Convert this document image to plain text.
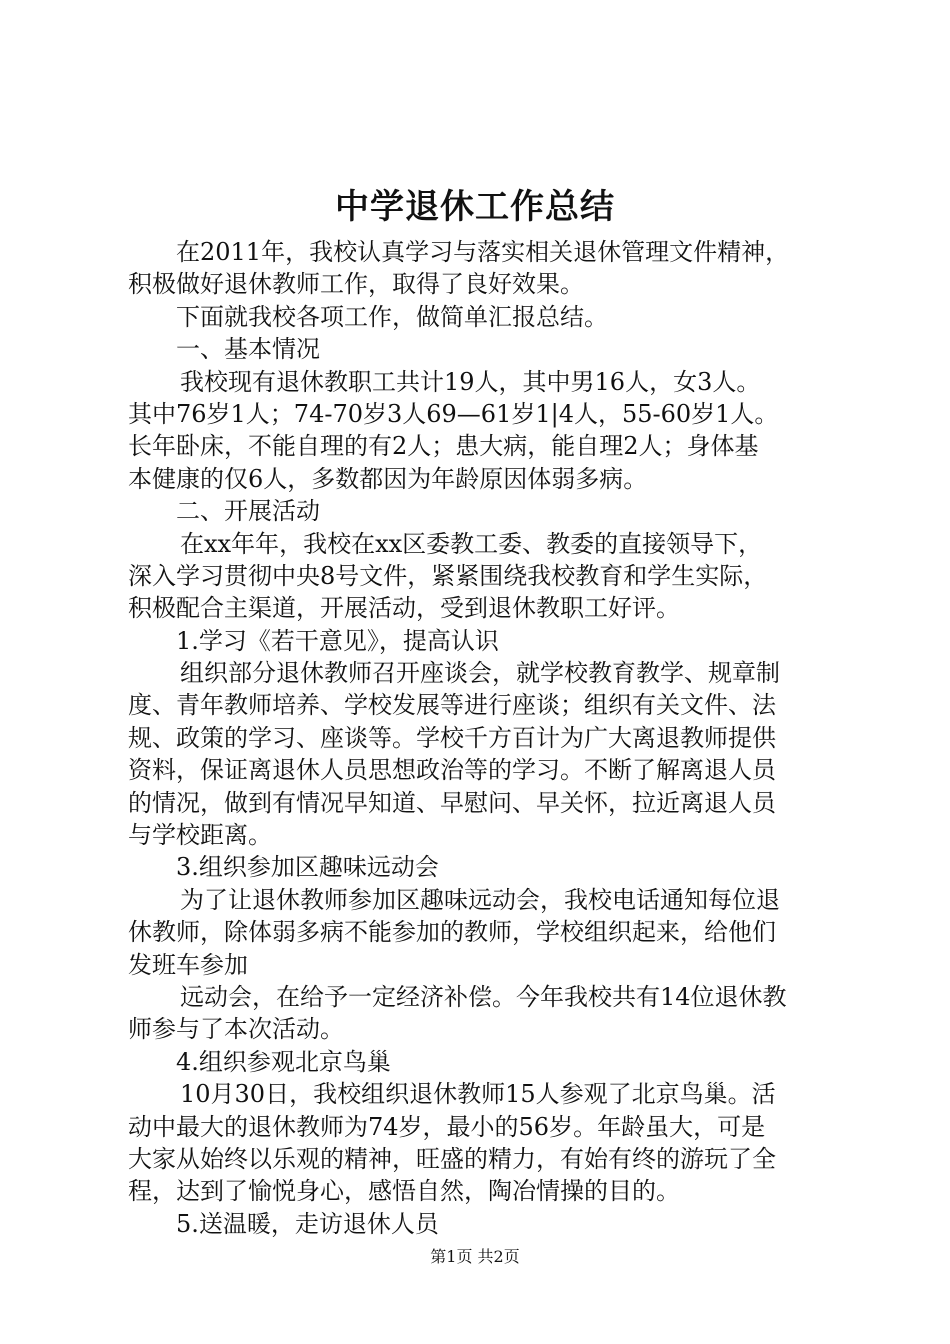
中学退休工作总结
在2011年，我校认真学习与落实相关退休管理文件精神，
积极做好退休教师工作，取得了良好效果。
下面就我校各项工作，做简单汇报总结。
一、基本情况
我校现有退休教职工共计19人，其中男16人，女3人。
其中76岁1人；74-70岁3人69—61岁1|4人，55-60岁1人。
长年卧床，不能自理的有2人；患大病，能自理2人；身体基
本健康的仅6人，多数都因为年龄原因体弱多病。
二、开展活动
在xx年年，我校在xx区委教工委、教委的直接领导下，
深入学习贯彻中央8号文件，紧紧围绕我校教育和学生实际，
积极配合主渠道，开展活动，受到退休教职工好评。
1.学习《若干意见》，提高认识
组织部分退休教师召开座谈会，就学校教育教学、规章制
度、青年教师培养、学校发展等进行座谈；组织有关文件、法
规、政策的学习、座谈等。学校千方百计为广大离退教师提供
资料，保证离退休人员思想政治等的学习。不断了解离退人员
的情况，做到有情况早知道、早慰问、早关怀，拉近离退人员
与学校距离。
3.组织参加区趣味远动会
为了让退休教师参加区趣味远动会，我校电话通知每位退
休教师，除体弱多病不能参加的教师，学校组织起来，给他们
发班车参加
远动会，在给予一定经济补偿。今年我校共有14位退休教
师参与了本次活动。
4.组织参观北京鸟巢
10月30日，我校组织退休教师15人参观了北京鸟巢。活
动中最大的退休教师为74岁，最小的56岁。年龄虽大，可是
大家从始终以乐观的精神，旺盛的精力，有始有终的游玩了全
程，达到了愉悦身心，感悟自然，陶冶情操的目的。
5.送温暖，走访退休人员
第1页 共2页
